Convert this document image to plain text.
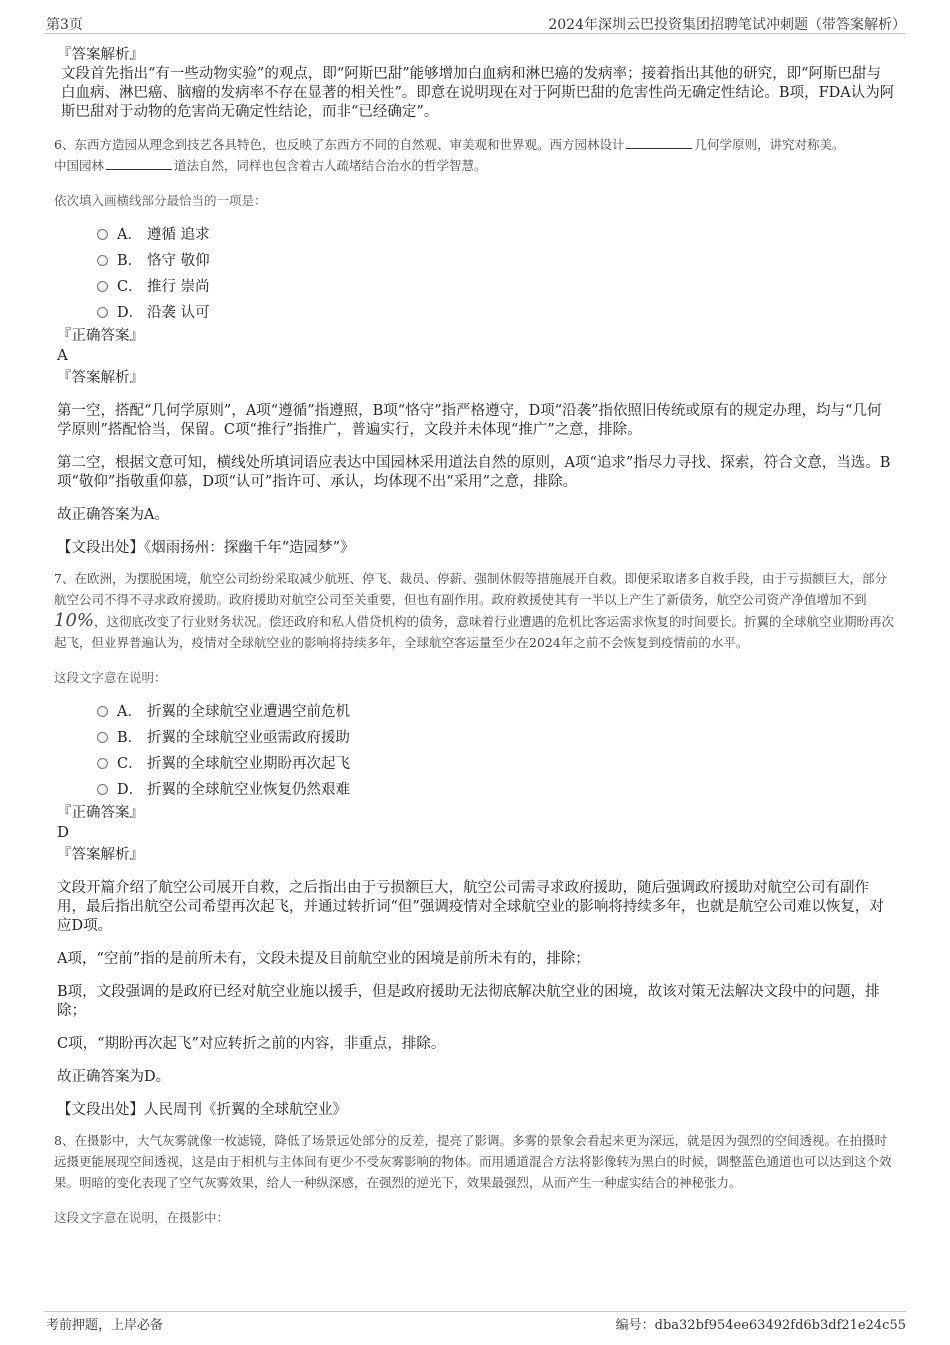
第3页	2024年深圳云巴投资集团招聘笔试冲刺题（带答案解析）

『答案解析』

文段首先指出“有一些动物实验”的观点，即“阿斯巴甜”能够增加白血病和淋巴癌的发病率；接着指出其他的研究，即“阿斯巴甜与白血病、淋巴癌、脑瘤的发病率不存在显著的相关性”。即意在说明现在对于阿斯巴甜的危害性尚无确定性结论。B项，FDA认为阿斯巴甜对于动物的危害尚无确定性结论，而非“已经确定”。

6、东西方造园从理念到技艺各具特色，也反映了东西方不同的自然观、审美观和世界观。西方园林设计	几何学原则，讲究对称美。
中国园林	道法自然，同样也包含着古人疏堵结合治水的哲学智慧。

依次填入画横线部分最恰当的一项是：

A． 遵循 追求
B． 恪守 敬仰
C． 推行 崇尚
D． 沿袭 认可

『正确答案』

A

『答案解析』

第一空，搭配“几何学原则”，A项“遵循”指遵照，B项“恪守”指严格遵守，D项“沿袭”指依照旧传统或原有的规定办理，均与“几何学原则”搭配恰当，保留。C项“推行”指推广，普遍实行，文段并未体现“推广”之意，排除。

第二空，根据文意可知，横线处所填词语应表达中国园林采用道法自然的原则，A项“追求”指尽力寻找、探索，符合文意，当选。B项“敬仰”指敬重仰慕，D项“认可”指许可、承认，均体现不出“采用”之意，排除。

故正确答案为A。

【文段出处】《烟雨扬州：探幽千年“造园梦”》

7、在欧洲，为摆脱困境，航空公司纷纷采取减少航班、停飞、裁员、停薪、强制休假等措施展开自救。即便采取诸多自救手段，由于亏损额巨大，部分航空公司不得不寻求政府援助。政府援助对航空公司至关重要，但也有副作用。政府救援使其有一半以上产生了新债务，航空公司资产净值增加不到 10%，这彻底改变了行业财务状况。偿还政府和私人借贷机构的债务，意味着行业遭遇的危机比客运需求恢复的时间要长。折翼的全球航空业期盼再次起飞，但业界普遍认为，疫情对全球航空业的影响将持续多年，全球航空客运量至少在2024年之前不会恢复到疫情前的水平。

这段文字意在说明：

A． 折翼的全球航空业遭遇空前危机
B． 折翼的全球航空业亟需政府援助
C． 折翼的全球航空业期盼再次起飞
D． 折翼的全球航空业恢复仍然艰难

『正确答案』

D

『答案解析』

文段开篇介绍了航空公司展开自救，之后指出由于亏损额巨大，航空公司需寻求政府援助，随后强调政府援助对航空公司有副作用，最后指出航空公司希望再次起飞，并通过转折词“但”强调疫情对全球航空业的影响将持续多年，也就是航空公司难以恢复，对应D项。

A项，“空前”指的是前所未有，文段未提及目前航空业的困境是前所未有的，排除；

B项，文段强调的是政府已经对航空业施以援手，但是政府援助无法彻底解决航空业的困境，故该对策无法解决文段中的问题，排除；

C项，“期盼再次起飞”对应转折之前的内容，非重点，排除。

故正确答案为D。

【文段出处】人民周刊《折翼的全球航空业》

8、在摄影中，大气灰雾就像一枚滤镜，降低了场景远处部分的反差，提亮了影调。多雾的景象会看起来更为深远，就是因为强烈的空间透视。在拍摄时远摄更能展现空间透视，这是由于相机与主体间有更少不受灰雾影响的物体。而用通道混合方法将影像转为黑白的时候，调整蓝色通道也可以达到这个效果。明暗的变化表现了空气灰雾效果，给人一种纵深感，在强烈的逆光下，效果最强烈，从而产生一种虚实结合的神秘张力。

这段文字意在说明，在摄影中：

考前押题，上岸必备	编号：dba32bf954ee63492fd6b3df21e24c55
